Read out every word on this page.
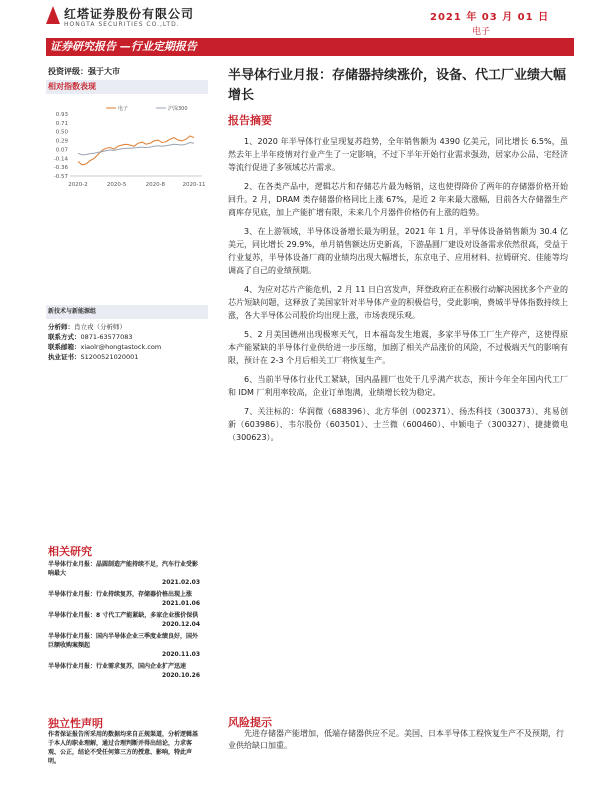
红塔证券股份有限公司
HONGTA SECURITIES CO.,LTD.
2021 年 03 月 01 日
电子
证券研究报告 —行业定期报告
投资评级：强于大市
相对指数表现
0.93
0.71
0.50
0.29
0.07
-0.14
-0.36
-0.57
2020-2	2020-5	2020-8	2020-11
电子	沪深300
新技术与新能源组
分析师：肖立戎（分析师）
联系方式：0871-63577083
联系邮箱：xiaolr@hongtastock.com
执业证书：S1200521020001
相关研究
半导体行业月报：晶圆制造产能持续不足，汽车行业受影响最大
2021.02.03
半导体行业月报：行业持续复苏，存储器价格出现上涨
2021.01.06
半导体行业月报：8 寸代工产能紧缺，多家企业涨价保供
2020.12.04
半导体行业月报：国内半导体企业三季度业绩良好，国外巨额收购案频起
2020.11.03
半导体行业月报：行业需求复苏，国内企业扩产迅速
2020.10.26
独立性声明
作者保证报告所采用的数据均来自正规渠道，分析逻辑基于本人的职业理解，通过合理判断并得出结论，力求客观、公正，结论不受任何第三方的授意、影响，特此声明。
半导体行业月报：存储器持续涨价，设备、代工厂业绩大幅增长
报告摘要

1、2020 年半导体行业呈现复苏趋势，全年销售额为 4390 亿美元，同比增长 6.5%，虽然去年上半年疫情对行业产生了一定影响，不过下半年开始行业需求强劲，居家办公品、宅经济等流行促进了多领域芯片需求。

2、在各类产品中，逻辑芯片和存储芯片最为畅销，这也使得降价了两年的存储器价格开始回升。2 月，DRAM 类存储器价格同比上涨 67%，是近 2 年来最大涨幅，目前各大存储器生产商库存见底，加上产能扩增有限，未来几个月器件价格仍有上涨的趋势。

3、在上游领域，半导体设备增长最为明显，2021 年 1 月，半导体设备销售额为 30.4 亿美元，同比增长 29.9%，单月销售额达历史新高，下游晶圆厂建设对设备需求依然很高，受益于行业复苏，半导体设备厂商的业绩均出现大幅增长，东京电子、应用材料、拉姆研究、佳能等均调高了自己的业绩预期。

4、为应对芯片产能危机，2 月 11 日白宫发声，拜登政府正在积极行动解决困扰多个产业的芯片短缺问题，这释放了美国家针对半导体产业的积极信号，受此影响，费城半导体指数持续上涨，各大半导体公司股价均出现上涨，市场表现乐观。

5、2 月美国德州出现极寒天气，日本福岛发生地震，多家半导体工厂生产停产，这使得原本产能紧缺的半导体行业供给进一步压缩，加剧了相关产品涨价的风险，不过极端天气的影响有限，预计在 2-3 个月后相关工厂将恢复生产。

6、当前半导体行业代工紧缺，国内晶圆厂也处于几乎满产状态，预计今年全年国内代工厂和 IDM 厂利用率较高，企业订单饱满，业绩增长较为稳定。

7、关注标的：华润微（688396）、北方华创（002371）、扬杰科技（300373）、兆易创新（603986）、韦尔股份（603501）、士兰微（600460）、中颖电子（300327）、捷捷微电（300623）。

风险提示
先进存储器产能增加，低端存储器供应不足。美国、日本半导体工程恢复生产不及预期，行业供给缺口加重。
